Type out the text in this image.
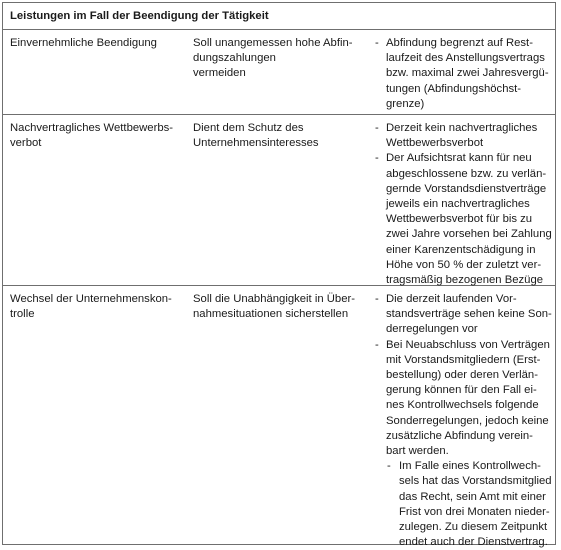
Leistungen im Fall der Beendigung der Tätigkeit
Einvernehmliche Beendigung	Soll unangemessen hohe Abfin-
dungszahlungen
vermeiden
- Abfindung begrenzt auf Rest-
laufzeit des Anstellungsvertrags
bzw. maximal zwei Jahresvergü-
tungen (Abfindungshöchst-
grenze)
Nachvertragliches Wettbewerbs-
verbot
Dient dem Schutz des
Unternehmensinteresses
- Derzeit kein nachvertragliches
Wettbewerbsverbot
- Der Aufsichtsrat kann für neu
abgeschlossene bzw. zu verlän-
gernde Vorstandsdienstverträge
jeweils ein nachvertragliches
Wettbewerbsverbot für bis zu
zwei Jahre vorsehen bei Zahlung
einer Karenzentschädigung in
Höhe von 50 % der zuletzt ver-
tragsmäßig bezogenen Bezüge
Wechsel der Unternehmenskon-
trolle
Soll die Unabhängigkeit in Über-
nahmesituationen sicherstellen
- Die derzeit laufenden Vor-
standsverträge sehen keine Son-
derregelungen vor
- Bei Neuabschluss von Verträgen
mit Vorstandsmitgliedern (Erst-
bestellung) oder deren Verlän-
gerung können für den Fall ei-
nes Kontrollwechsels folgende
Sonderregelungen, jedoch keine
zusätzliche Abfindung verein-
bart werden.
- Im Falle eines Kontrollwech-
sels hat das Vorstandsmitglied
das Recht, sein Amt mit einer
Frist von drei Monaten nieder-
zulegen. Zu diesem Zeitpunkt
endet auch der Dienstvertrag.
